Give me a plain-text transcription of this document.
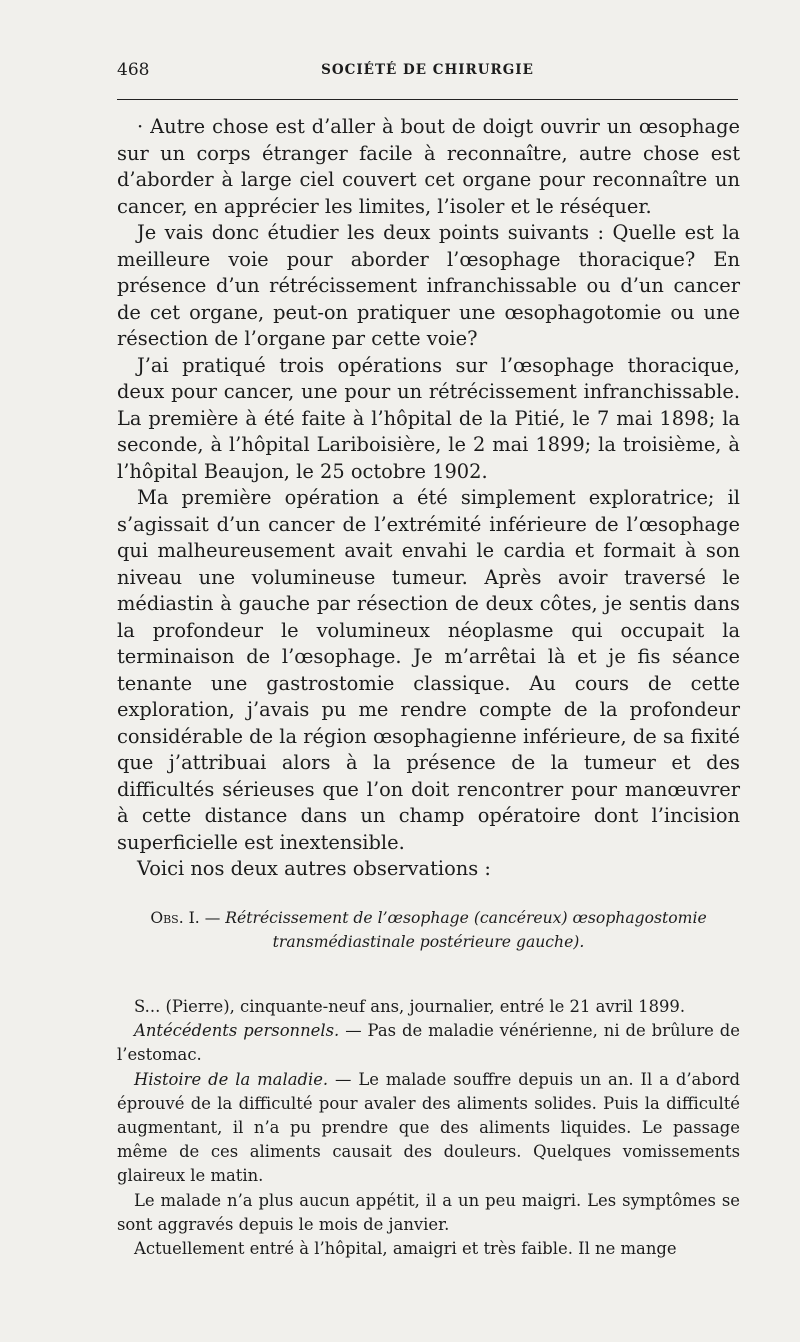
468	SOCIÉTÉ DE CHIRURGIE

· Autre chose est d’aller à bout de doigt ouvrir un œsophage sur un corps étranger facile à reconnaître, autre chose est d’aborder à large ciel couvert cet organe pour reconnaître un cancer, en apprécier les limites, l’isoler et le réséquer.

Je vais donc étudier les deux points suivants : Quelle est la meilleure voie pour aborder l’œsophage thoracique? En présence d’un rétrécissement infranchissable ou d’un cancer de cet organe, peut-on pratiquer une œsophagotomie ou une résection de l’organe par cette voie?

J’ai pratiqué trois opérations sur l’œsophage thoracique, deux pour cancer, une pour un rétrécissement infranchissable. La première à été faite à l’hôpital de la Pitié, le 7 mai 1898; la seconde, à l’hôpital Lariboisière, le 2 mai 1899; la troisième, à l’hôpital Beaujon, le 25 octobre 1902.

Ma première opération a été simplement exploratrice; il s’agissait d’un cancer de l’extrémité inférieure de l’œsophage qui malheureusement avait envahi le cardia et formait à son niveau une volumineuse tumeur. Après avoir traversé le médiastin à gauche par résection de deux côtes, je sentis dans la profondeur le volumineux néoplasme qui occupait la terminaison de l’œsophage. Je m’arrêtai là et je fis séance tenante une gastrostomie classique. Au cours de cette exploration, j’avais pu me rendre compte de la profondeur considérable de la région œsophagienne inférieure, de sa fixité que j’attribuai alors à la présence de la tumeur et des difficultés sérieuses que l’on doit rencontrer pour manœuvrer à cette distance dans un champ opératoire dont l’incision superficielle est inextensible.

Voici nos deux autres observations :

Obs. I. — Rétrécissement de l’œsophage (cancéreux) œsophagostomie transmédiastinale postérieure gauche).

S... (Pierre), cinquante-neuf ans, journalier, entré le 21 avril 1899.

Antécédents personnels. — Pas de maladie vénérienne, ni de brûlure de l’estomac.

Histoire de la maladie. — Le malade souffre depuis un an. Il a d’abord éprouvé de la difficulté pour avaler des aliments solides. Puis la difficulté augmentant, il n’a pu prendre que des aliments liquides. Le passage même de ces aliments causait des douleurs. Quelques vomissements glaireux le matin.

Le malade n’a plus aucun appétit, il a un peu maigri. Les symptômes se sont aggravés depuis le mois de janvier.

Actuellement entré à l’hôpital, amaigri et très faible. Il ne mange
